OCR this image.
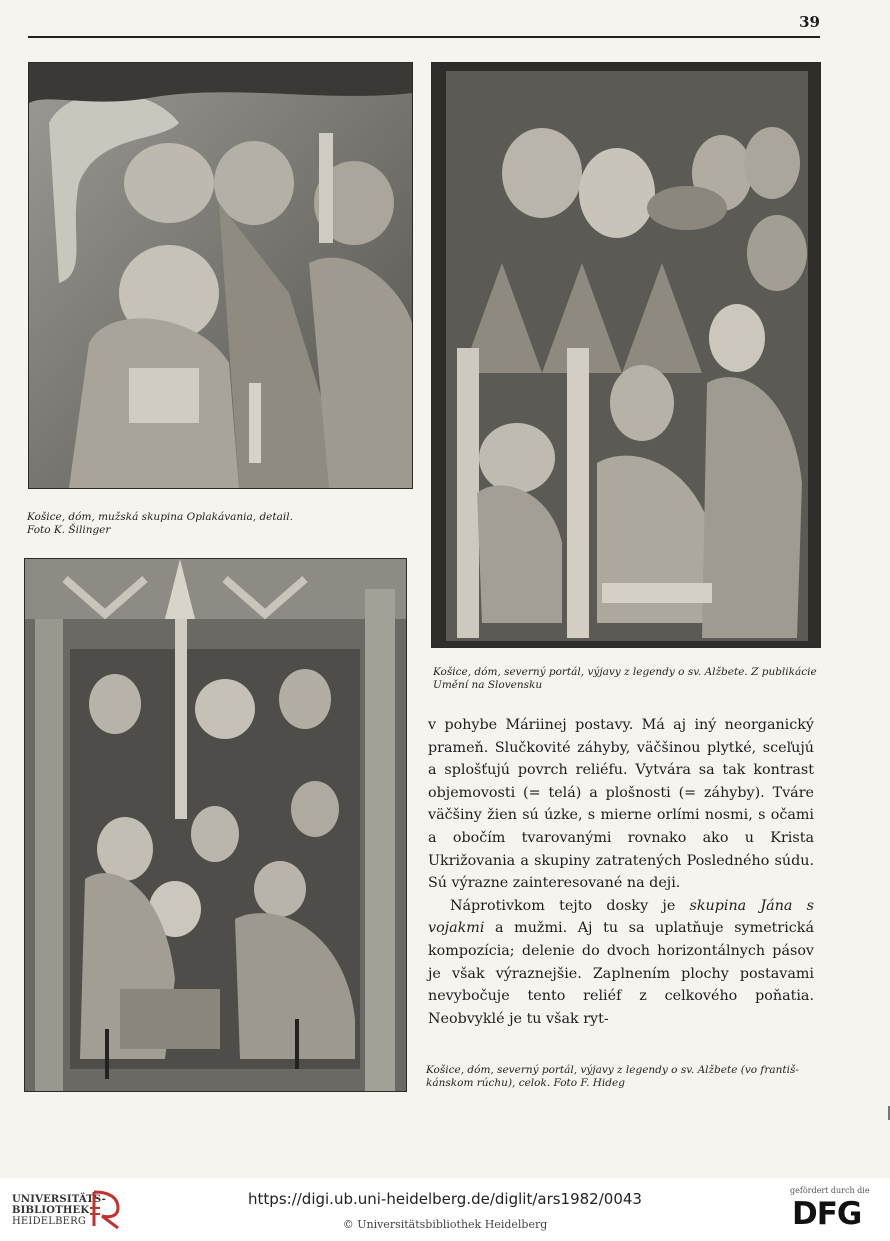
39
Košice, dóm, mužská skupina Oplakávania, detail.
Foto K. Šilinger
Košice, dóm, severný portál, výjavy z legendy o sv. Alžbete. Z publikácie
Umění na Slovensku
Košice, dóm, severný portál, výjavy z legendy o sv. Alžbete (vo františ-
kánskom rúchu), celok. Foto F. Hideg

v pohybe Máriinej postavy. Má aj iný neorganický prameň. Slučkovité záhyby, väčšinou plytké, sceľujú a splošťujú povrch reliéfu. Vytvára sa tak kontrast objemovosti (= telá) a plošnosti (= záhyby). Tváre väčšiny žien sú úzke, s mierne orlími nosmi, s očami a obočím tvarovanými rovnako ako u Krista Ukrižovania a skupiny zatratených Posledného súdu. Sú výrazne zainteresované na deji.

Náprotivkom tejto dosky je skupina Jána s vojakmi a mužmi. Aj tu sa uplatňuje symetrická kompozícia; delenie do dvoch horizontálnych pásov je však výraznejšie. Zaplnením plochy postavami nevybočuje tento reliéf z celkového poňatia. Neobvyklé je tu však ryt-

UNIVERSITÄTS-
BIBLIOTHEK
HEIDELBERG
https://digi.ub.uni-heidelberg.de/diglit/ars1982/0043
© Universitätsbibliothek Heidelberg
gefördert durch die
DFG
